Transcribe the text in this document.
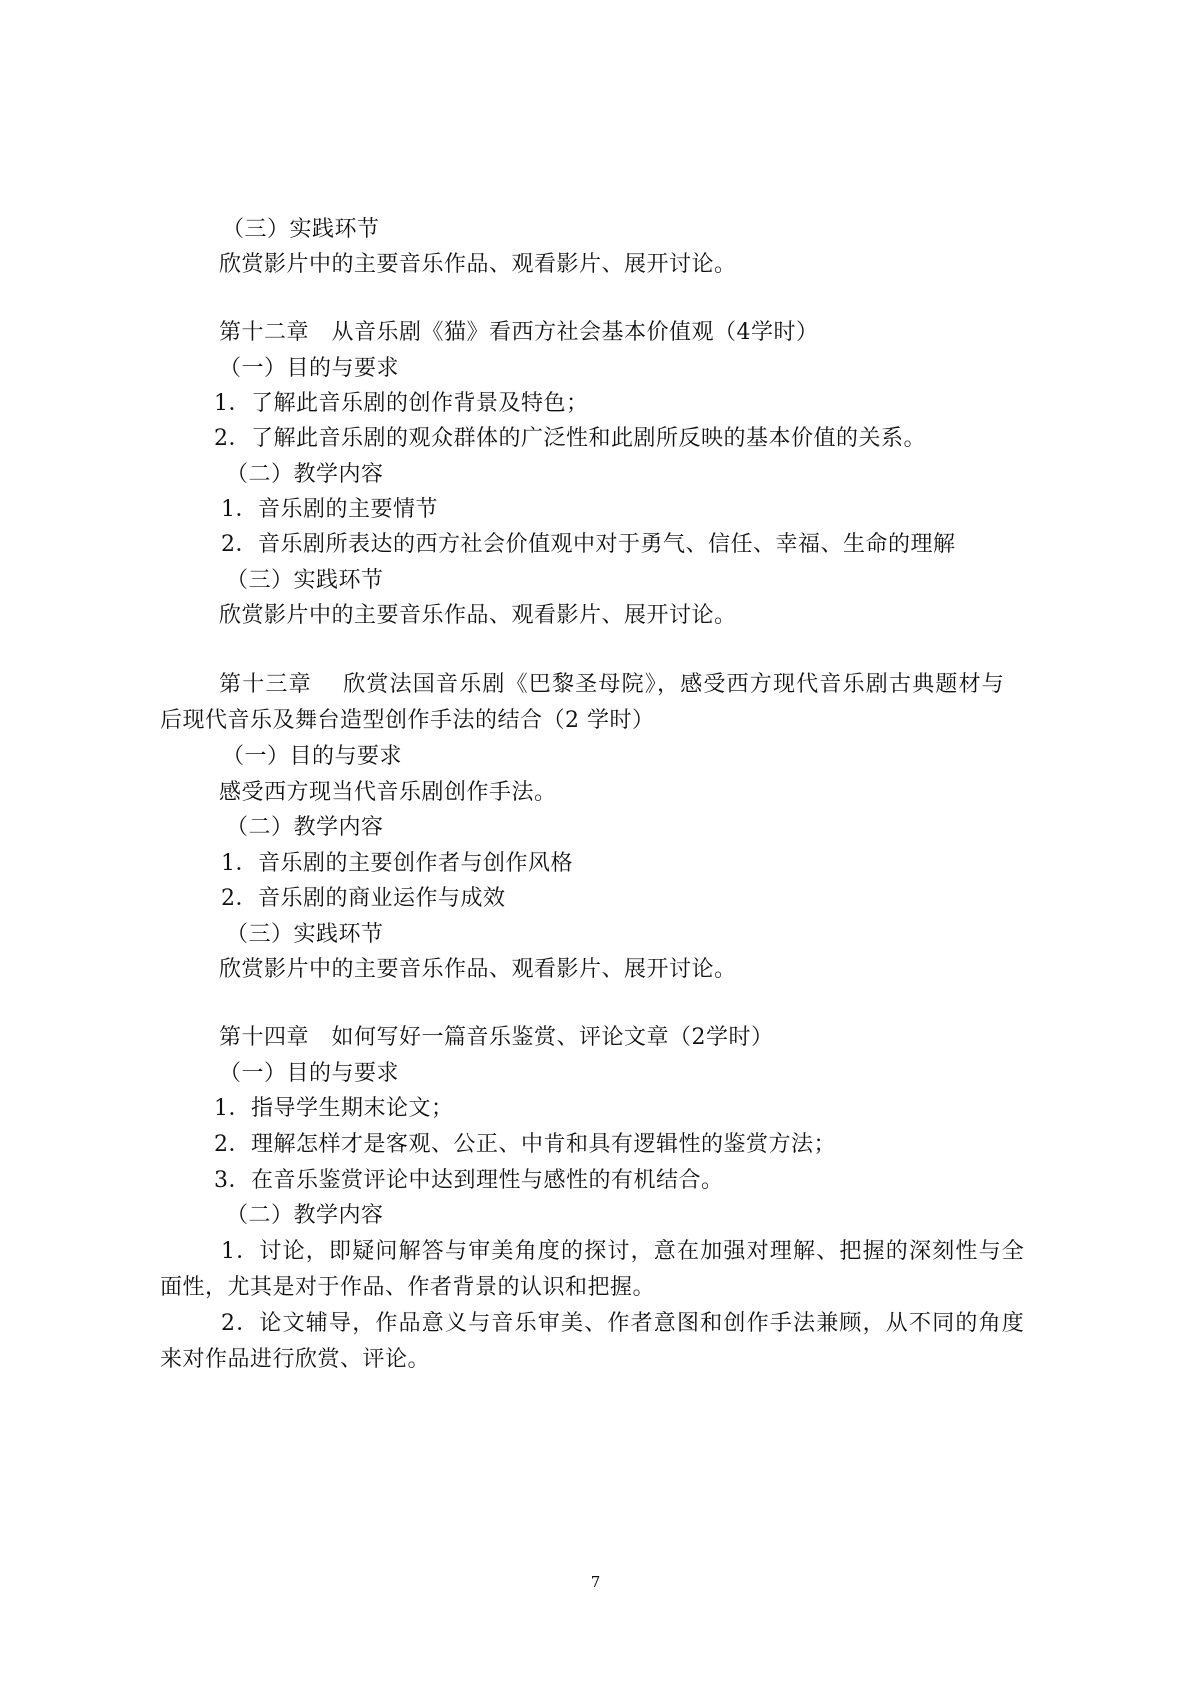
（三）实践环节
欣赏影片中的主要音乐作品、观看影片、展开讨论。
第十二章　从音乐剧《猫》看西方社会基本价值观（4学时）
（一）目的与要求
1．了解此音乐剧的创作背景及特色；
2．了解此音乐剧的观众群体的广泛性和此剧所反映的基本价值的关系。
（二）教学内容
1．音乐剧的主要情节
2．音乐剧所表达的西方社会价值观中对于勇气、信任、幸福、生命的理解
（三）实践环节
欣赏影片中的主要音乐作品、观看影片、展开讨论。
第十三章　 欣赏法国音乐剧《巴黎圣母院》，感受西方现代音乐剧古典题材与
后现代音乐及舞台造型创作手法的结合（2 学时）
（一）目的与要求
感受西方现当代音乐剧创作手法。
（二）教学内容
1．音乐剧的主要创作者与创作风格
2．音乐剧的商业运作与成效
（三）实践环节
欣赏影片中的主要音乐作品、观看影片、展开讨论。
第十四章　如何写好一篇音乐鉴赏、评论文章（2学时）
（一）目的与要求
1．指导学生期末论文；
2．理解怎样才是客观、公正、中肯和具有逻辑性的鉴赏方法；
3．在音乐鉴赏评论中达到理性与感性的有机结合。
（二）教学内容
1．讨论，即疑问解答与审美角度的探讨，意在加强对理解、把握的深刻性与全
面性，尤其是对于作品、作者背景的认识和把握。
2．论文辅导，作品意义与音乐审美、作者意图和创作手法兼顾，从不同的角度
来对作品进行欣赏、评论。
7
